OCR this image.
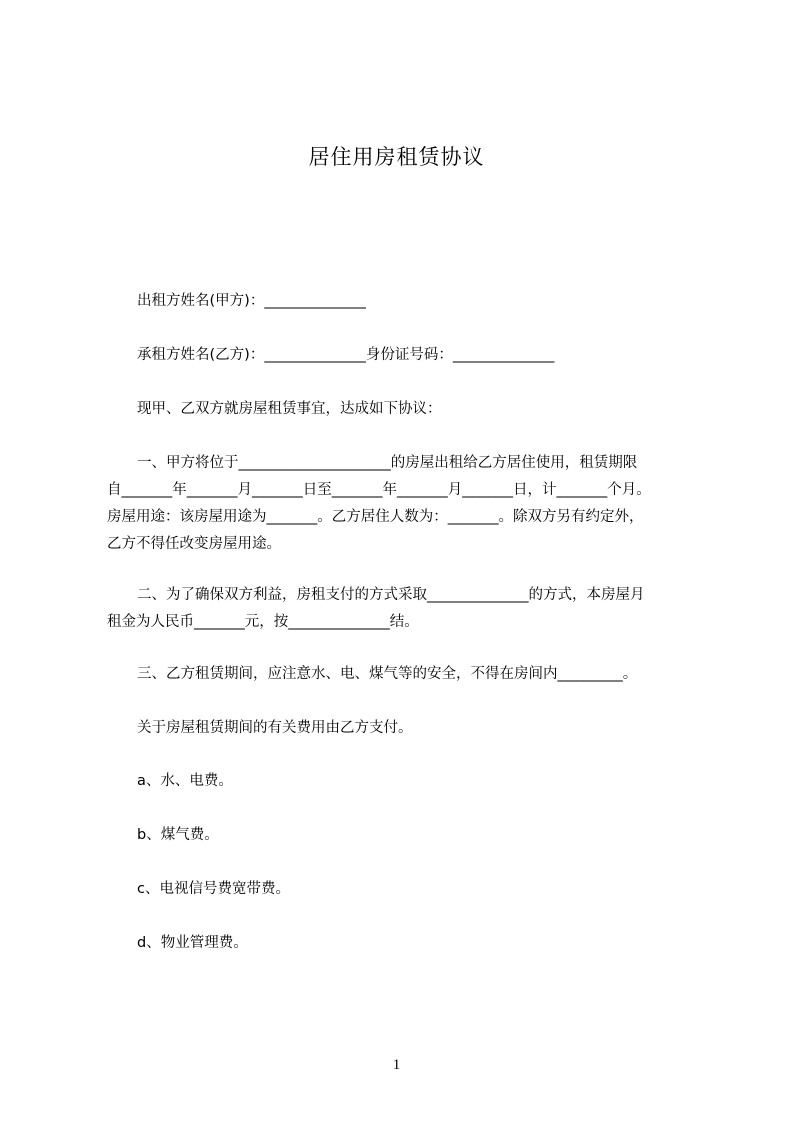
居住用房租赁协议
出租方姓名(甲方)：______________
承租方姓名(乙方)：______________身份证号码：______________
现甲、乙双方就房屋租赁事宜，达成如下协议：
一、甲方将位于_____________________的房屋出租给乙方居住使用，租赁期限
自_______年_______月_______日至_______年_______月_______日，计_______个月。
房屋用途：该房屋用途为_______。乙方居住人数为：_______。除双方另有约定外，
乙方不得任改变房屋用途。
二、为了确保双方利益，房租支付的方式采取______________的方式，本房屋月
租金为人民币_______元，按______________结。
三、乙方租赁期间，应注意水、电、煤气等的安全，不得在房间内_________。
关于房屋租赁期间的有关费用由乙方支付。
a、水、电费。
b、煤气费。
c、电视信号费宽带费。
d、物业管理费。
1
